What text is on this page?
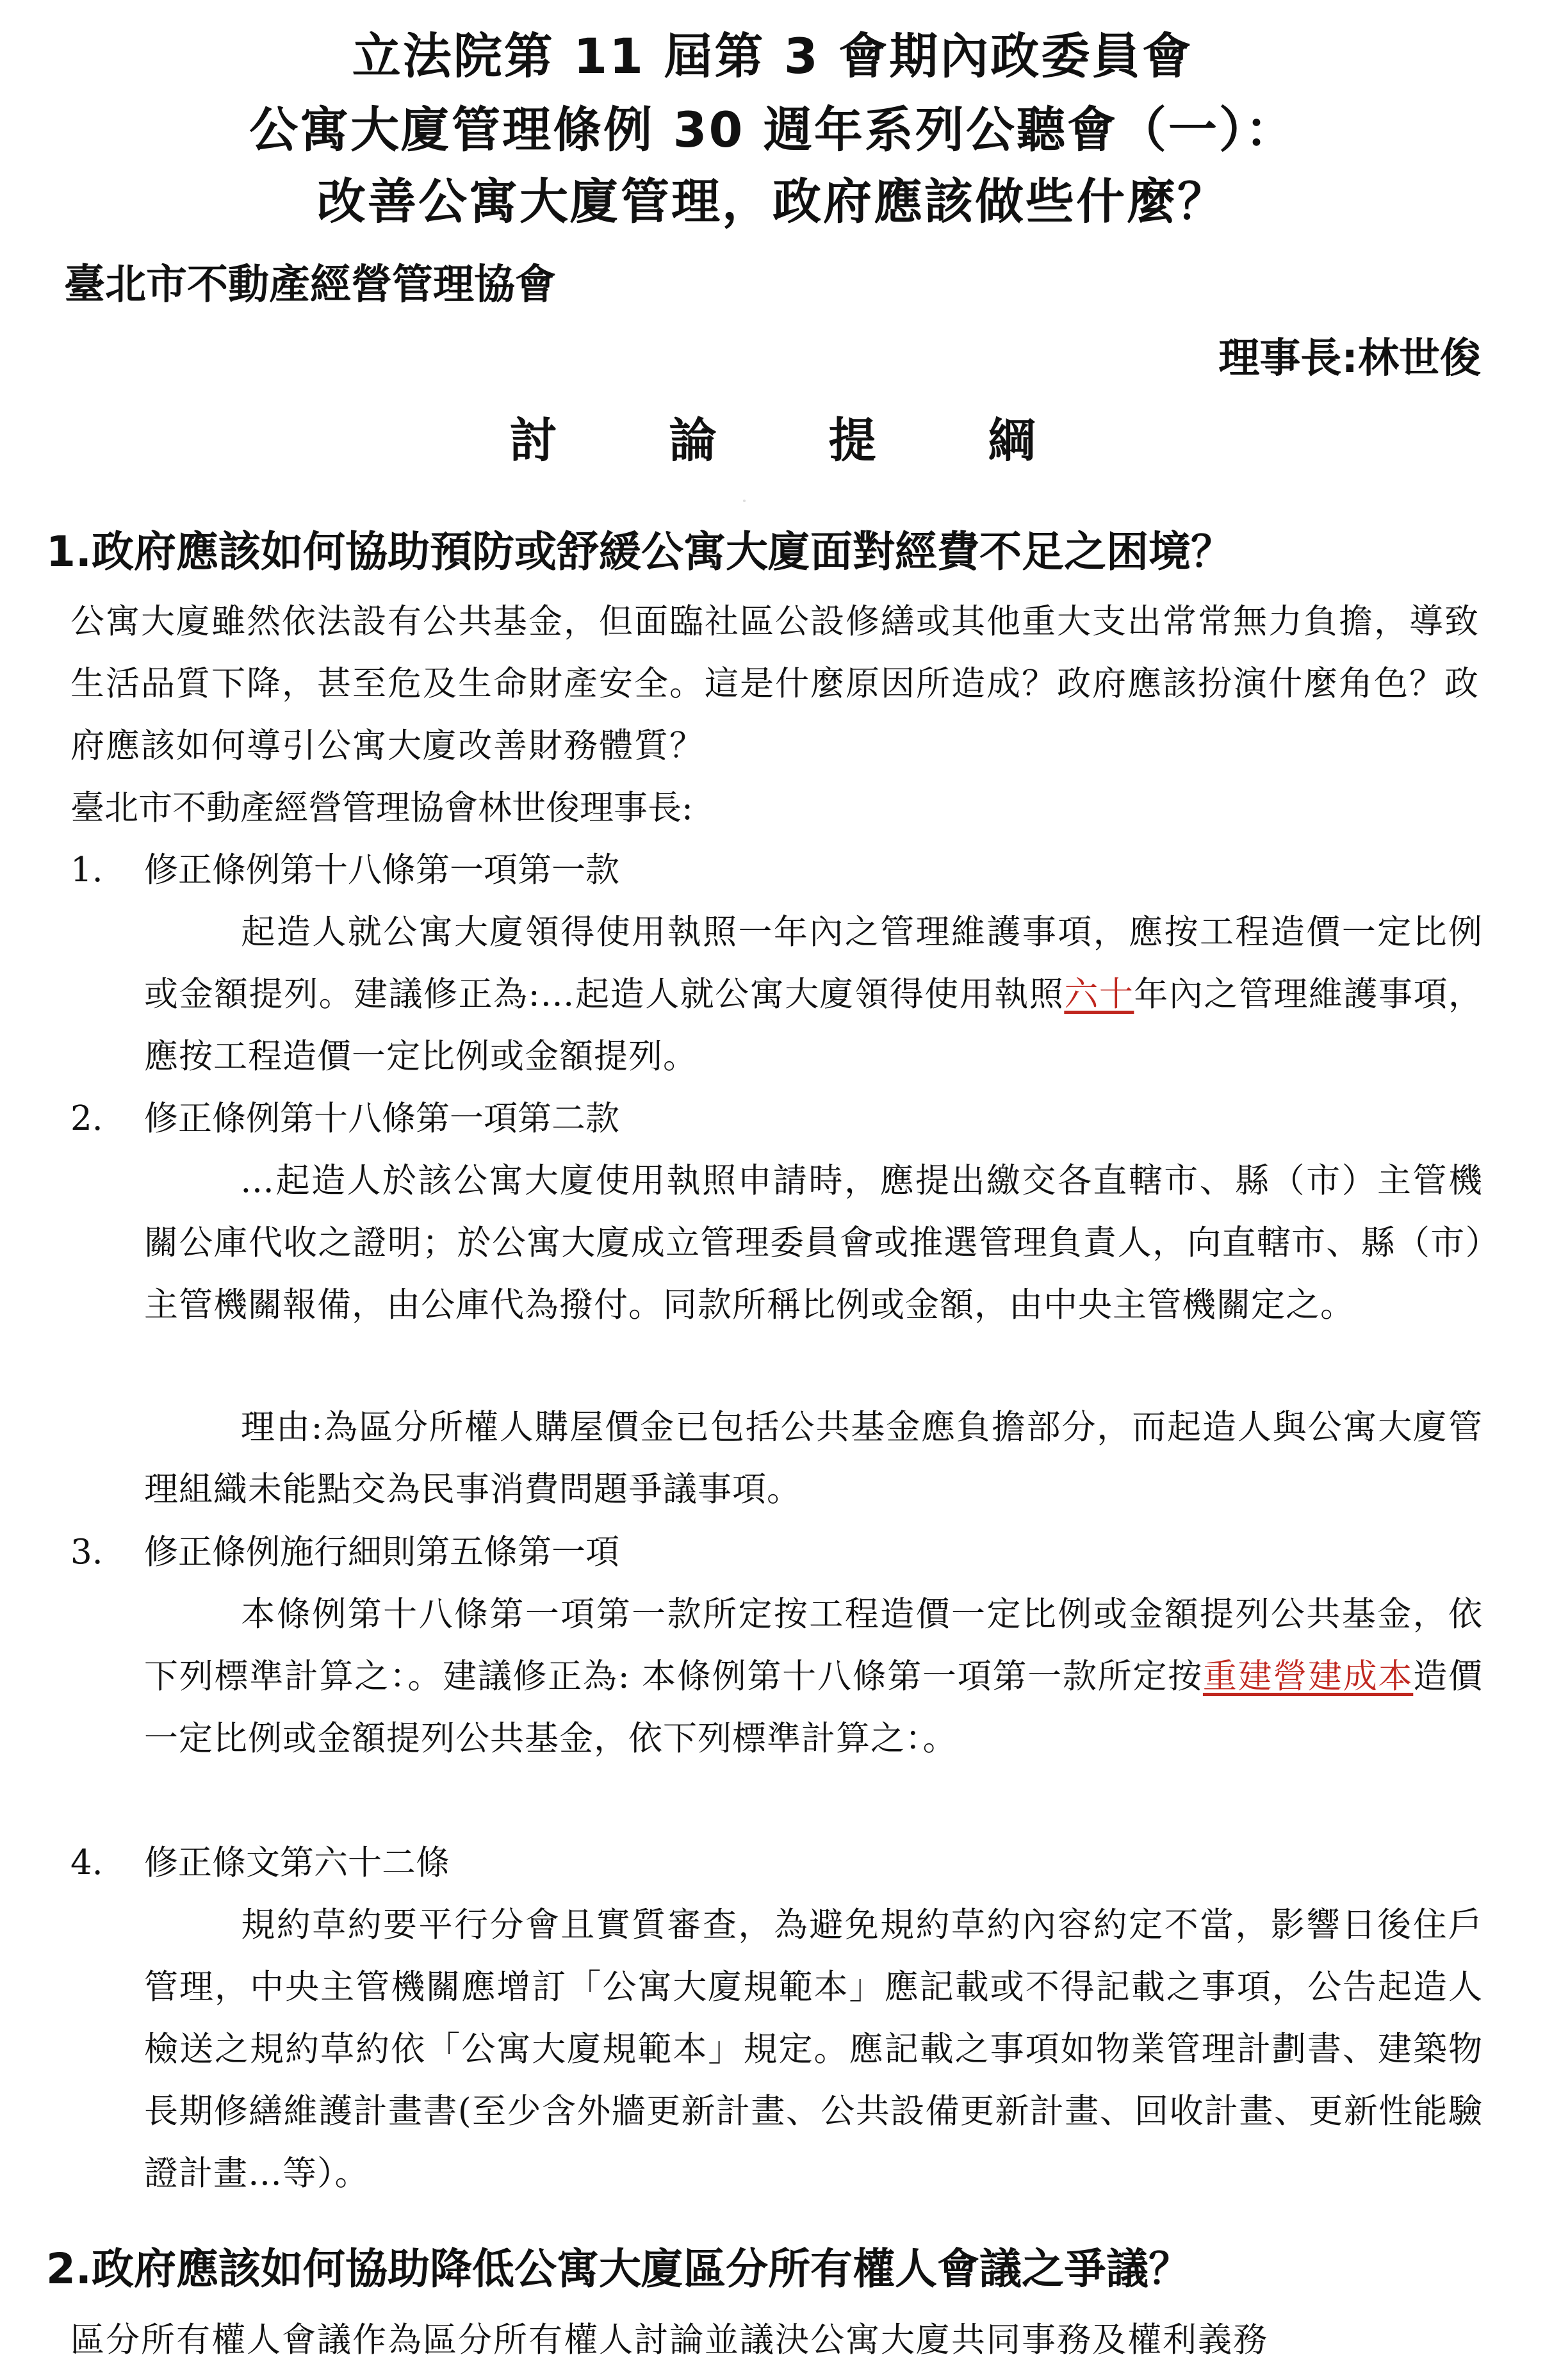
立法院第 11 屆第 3 會期內政委員會
公寓大廈管理條例 30 週年系列公聽會（一）：
改善公寓大廈管理，政府應該做些什麼？
臺北市不動產經營管理協會
理事長:林世俊
討論提綱
1.政府應該如何協助預防或舒緩公寓大廈面對經費不足之困境？
公寓大廈雖然依法設有公共基金，但面臨社區公設修繕或其他重大支出常常無力負擔，導致生活品質下降，甚至危及生命財產安全。這是什麼原因所造成？政府應該扮演什麼角色？政府應該如何導引公寓大廈改善財務體質？
臺北市不動產經營管理協會林世俊理事長:
1. 修正條例第十八條第一項第一款
起造人就公寓大廈領得使用執照一年內之管理維護事項，應按工程造價一定比例或金額提列。建議修正為:…起造人就公寓大廈領得使用執照六十年內之管理維護事項，應按工程造價一定比例或金額提列。
2. 修正條例第十八條第一項第二款
…起造人於該公寓大廈使用執照申請時，應提出繳交各直轄市、縣（市）主管機關公庫代收之證明；於公寓大廈成立管理委員會或推選管理負責人，向直轄市、縣（市）主管機關報備，由公庫代為撥付。同款所稱比例或金額，由中央主管機關定之。
理由:為區分所權人購屋價金已包括公共基金應負擔部分，而起造人與公寓大廈管理組織未能點交為民事消費問題爭議事項。
3. 修正條例施行細則第五條第一項
本條例第十八條第一項第一款所定按工程造價一定比例或金額提列公共基金，依下列標準計算之：。建議修正為: 本條例第十八條第一項第一款所定按重建營建成本造價一定比例或金額提列公共基金，依下列標準計算之：。
4. 修正條文第六十二條
規約草約要平行分會且實質審查，為避免規約草約內容約定不當，影響日後住戶管理，中央主管機關應增訂「公寓大廈規範本」應記載或不得記載之事項，公告起造人檢送之規約草約依「公寓大廈規範本」規定。應記載之事項如物業管理計劃書、建築物長期修繕維護計畫書(至少含外牆更新計畫、公共設備更新計畫、回收計畫、更新性能驗證計畫…等）。
2.政府應該如何協助降低公寓大廈區分所有權人會議之爭議？
區分所有權人會議作為區分所有權人討論並議決公寓大廈共同事務及權利義務
